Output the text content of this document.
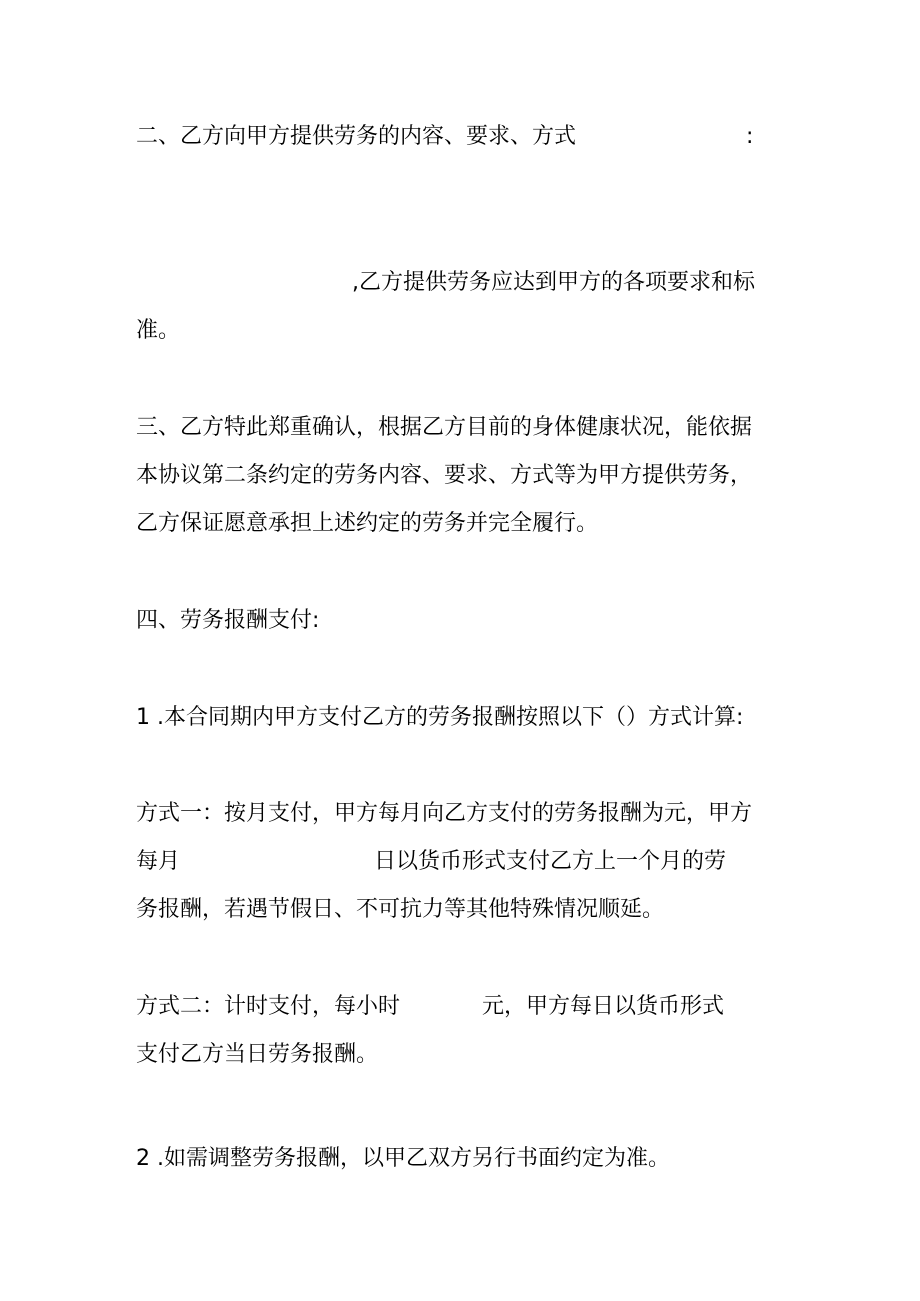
二、乙方向甲方提供劳务的内容、要求、方式	:

,乙方提供劳务应达到甲方的各项要求和标

准。

三、乙方特此郑重确认，根据乙方目前的身体健康状况，能依据

本协议第二条约定的劳务内容、要求、方式等为甲方提供劳务，

乙方保证愿意承担上述约定的劳务并完全履行。

四、劳务报酬支付:

1 .本合同期内甲方支付乙方的劳务报酬按照以下（）方式计算:

方式一：按月支付，甲方每月向乙方支付的劳务报酬为元，甲方

每月	日以货币形式支付乙方上一个月的劳

务报酬，若遇节假日、不可抗力等其他特殊情况顺延。

方式二：计时支付，每小时	元，甲方每日以货币形式

支付乙方当日劳务报酬。

2 .如需调整劳务报酬，以甲乙双方另行书面约定为准。
